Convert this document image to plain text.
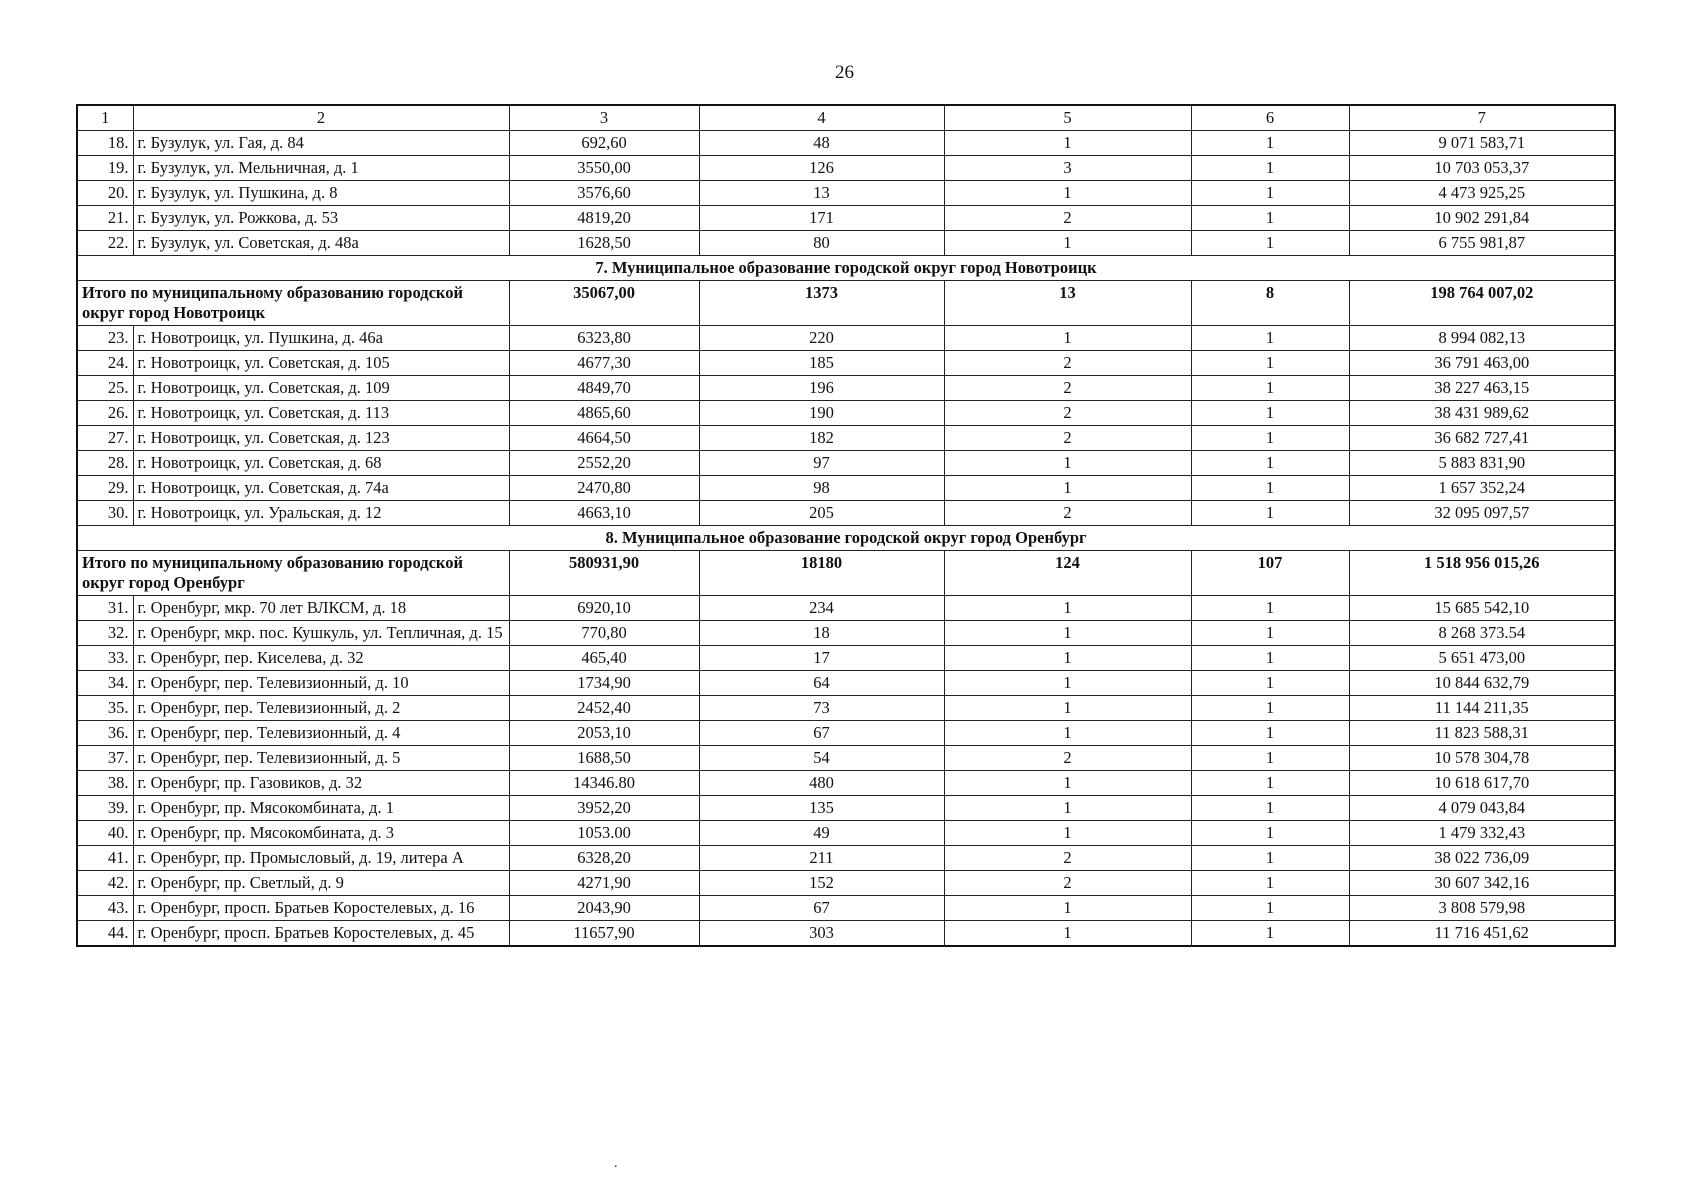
26
1	2	3	4	5	6	7
18.	г. Бузулук, ул. Гая, д. 84	692,60	48	1	1	9 071 583,71
19.	г. Бузулук, ул. Мельничная, д. 1	3550,00	126	3	1	10 703 053,37
20.	г. Бузулук, ул. Пушкина, д. 8	3576,60	13	1	1	4 473 925,25
21.	г. Бузулук, ул. Рожкова, д. 53	4819,20	171	2	1	10 902 291,84
22.	г. Бузулук, ул. Советская, д. 48а	1628,50	80	1	1	6 755 981,87
7. Муниципальное образование городской округ город Новотроицк						
Итого по муниципальному образованию городской округ город Новотроицк		35067,00	1373	13	8	198 764 007,02
23.	г. Новотроицк, ул. Пушкина, д. 46а	6323,80	220	1	1	8 994 082,13
24.	г. Новотроицк, ул. Советская, д. 105	4677,30	185	2	1	36 791 463,00
25.	г. Новотроицк, ул. Советская, д. 109	4849,70	196	2	1	38 227 463,15
26.	г. Новотроицк, ул. Советская, д. 113	4865,60	190	2	1	38 431 989,62
27.	г. Новотроицк, ул. Советская, д. 123	4664,50	182	2	1	36 682 727,41
28.	г. Новотроицк, ул. Советская, д. 68	2552,20	97	1	1	5 883 831,90
29.	г. Новотроицк, ул. Советская, д. 74а	2470,80	98	1	1	1 657 352,24
30.	г. Новотроицк, ул. Уральская, д. 12	4663,10	205	2	1	32 095 097,57
8. Муниципальное образование городской округ город Оренбург						
Итого по муниципальному образованию городской округ город Оренбург		580931,90	18180	124	107	1 518 956 015,26
31.	г. Оренбург, мкр. 70 лет ВЛКСМ, д. 18	6920,10	234	1	1	15 685 542,10
32.	г. Оренбург, мкр. пос. Кушкуль, ул. Тепличная, д. 15	770,80	18	1	1	8 268 373.54
33.	г. Оренбург, пер. Киселева, д. 32	465,40	17	1	1	5 651 473,00
34.	г. Оренбург, пер. Телевизионный, д. 10	1734,90	64	1	1	10 844 632,79
35.	г. Оренбург, пер. Телевизионный, д. 2	2452,40	73	1	1	11 144 211,35
36.	г. Оренбург, пер. Телевизионный, д. 4	2053,10	67	1	1	11 823 588,31
37.	г. Оренбург, пер. Телевизионный, д. 5	1688,50	54	2	1	10 578 304,78
38.	г. Оренбург, пр. Газовиков, д. 32	14346.80	480	1	1	10 618 617,70
39.	г. Оренбург, пр. Мясокомбината, д. 1	3952,20	135	1	1	4 079 043,84
40.	г. Оренбург, пр. Мясокомбината, д. 3	1053.00	49	1	1	1 479 332,43
41.	г. Оренбург, пр. Промысловый, д. 19, литера А	6328,20	211	2	1	38 022 736,09
42.	г. Оренбург, пр. Светлый, д. 9	4271,90	152	2	1	30 607 342,16
43.	г. Оренбург, просп. Братьев Коростелевых, д. 16	2043,90	67	1	1	3 808 579,98
44.	г. Оренбург, просп. Братьев Коростелевых, д. 45	11657,90	303	1	1	11 716 451,62
.
